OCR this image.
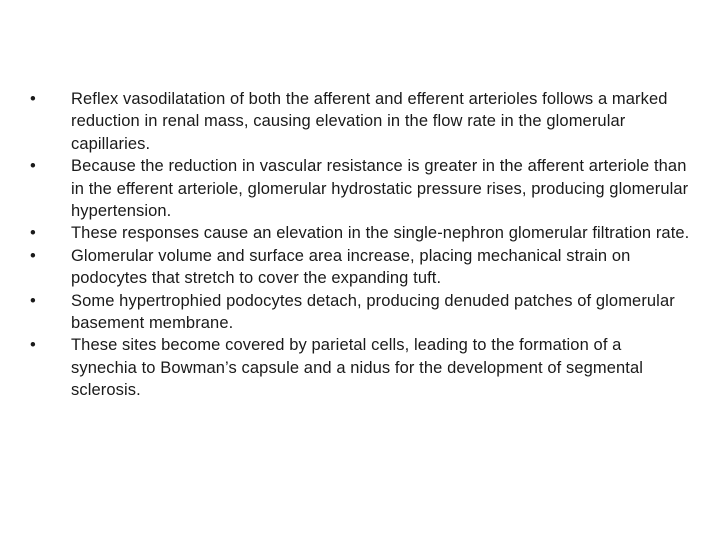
•	Reflex vasodilatation of both the afferent and efferent arterioles follows a marked reduction in renal mass, causing elevation in the flow rate in the glomerular capillaries.
•	Because the reduction in vascular resistance is greater in the afferent arteriole than in the efferent arteriole, glomerular hydrostatic pressure rises, producing glomerular hypertension.
•	These responses cause an elevation in the single-nephron glomerular filtration rate.
•	Glomerular volume and surface area increase, placing mechanical strain on podocytes that stretch to cover the expanding tuft.
•	Some hypertrophied podocytes detach, producing denuded patches of glomerular basement membrane.
•	These sites become covered by parietal cells, leading to the formation of a synechia to Bowman’s capsule and a nidus for the development of segmental sclerosis.
